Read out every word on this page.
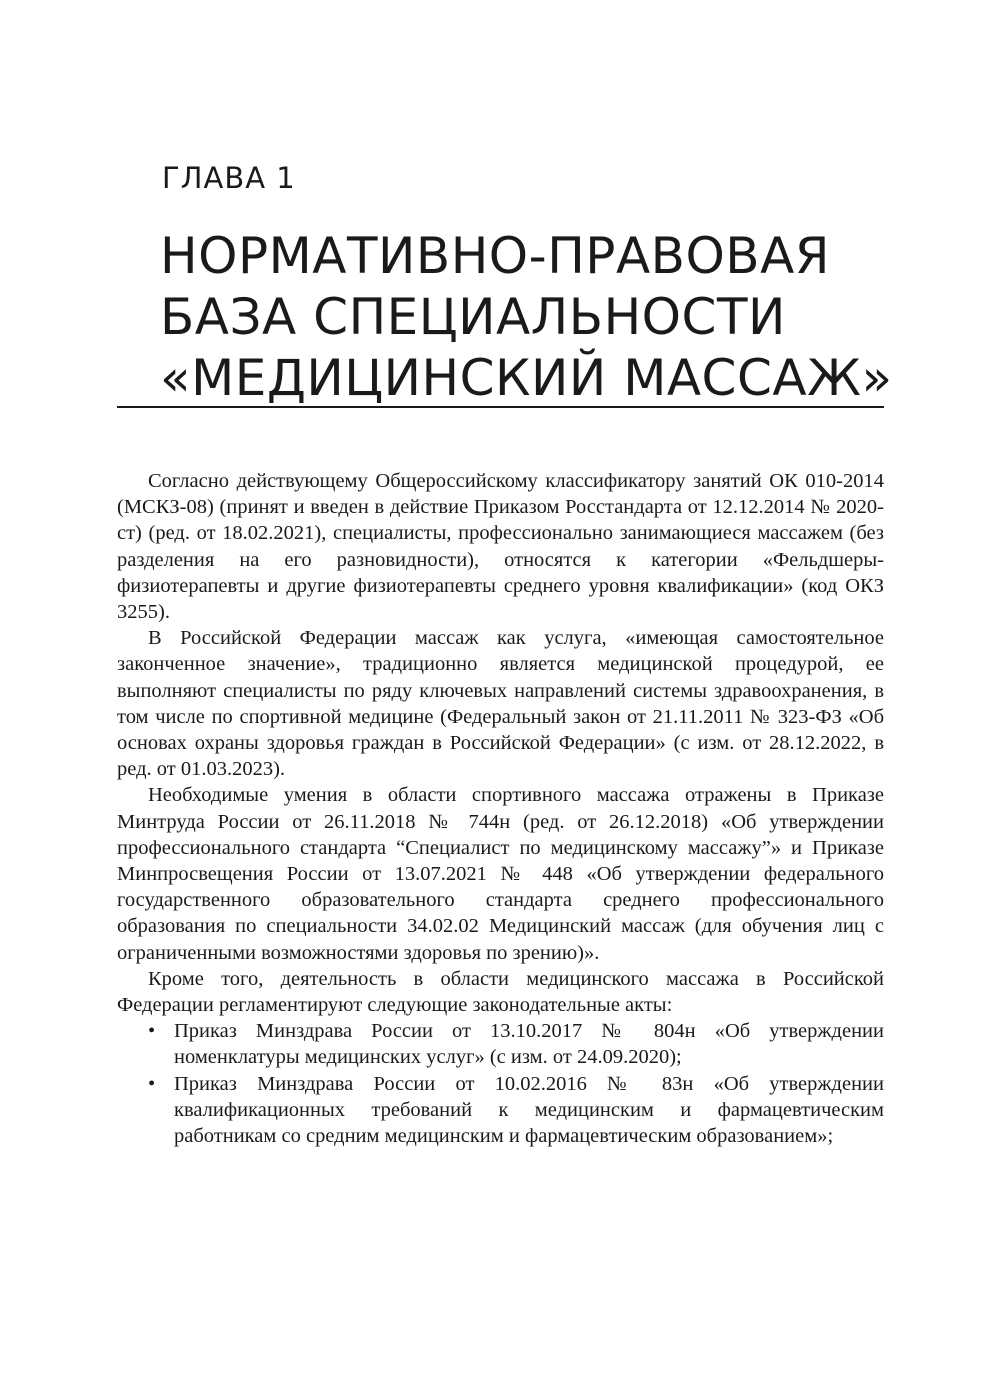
ГЛАВА 1
НОРМАТИВНО-ПРАВОВАЯ
БАЗА СПЕЦИАЛЬНОСТИ
«МЕДИЦИНСКИЙ МАССАЖ»

Согласно действующему Общероссийскому классификатору занятий ОК 010-2014 (МСКЗ-08) (принят и введен в действие Приказом Росстандарта от 12.12.2014 № 2020-ст) (ред. от 18.02.2021), специалисты, профессионально занимающиеся массажем (без разделения на его разновидности), относятся к категории «Фельдшеры-физиотерапевты и другие физиотерапевты среднего уровня квалификации» (код ОКЗ 3255).

В Российской Федерации массаж как услуга, «имеющая самостоятельное законченное значение», традиционно является медицинской процедурой, ее выполняют специалисты по ряду ключевых направлений системы здравоохранения, в том числе по спортивной медицине (Федеральный закон от 21.11.2011 № 323-ФЗ «Об основах охраны здоровья граждан в Российской Федерации» (с изм. от 28.12.2022, в ред. от 01.03.2023).

Необходимые умения в области спортивного массажа отражены в Приказе Минтруда России от 26.11.2018 № 744н (ред. от 26.12.2018) «Об утверждении профессионального стандарта “Специалист по медицинскому массажу”» и Приказе Минпросвещения России от 13.07.2021 № 448 «Об утверждении федерального государственного образовательного стандарта среднего профессионального образования по специальности 34.02.02 Медицинский массаж (для обучения лиц с ограниченными возможностями здоровья по зрению)».

Кроме того, деятельность в области медицинского массажа в Российской Федерации регламентируют следующие законодательные акты:

• Приказ Минздрава России от 13.10.2017 № 804н «Об утверждении номенклатуры медицинских услуг» (с изм. от 24.09.2020);
• Приказ Минздрава России от 10.02.2016 № 83н «Об утверждении квалификационных требований к медицинским и фармацевтическим работникам со средним медицинским и фармацевтическим образованием»;
